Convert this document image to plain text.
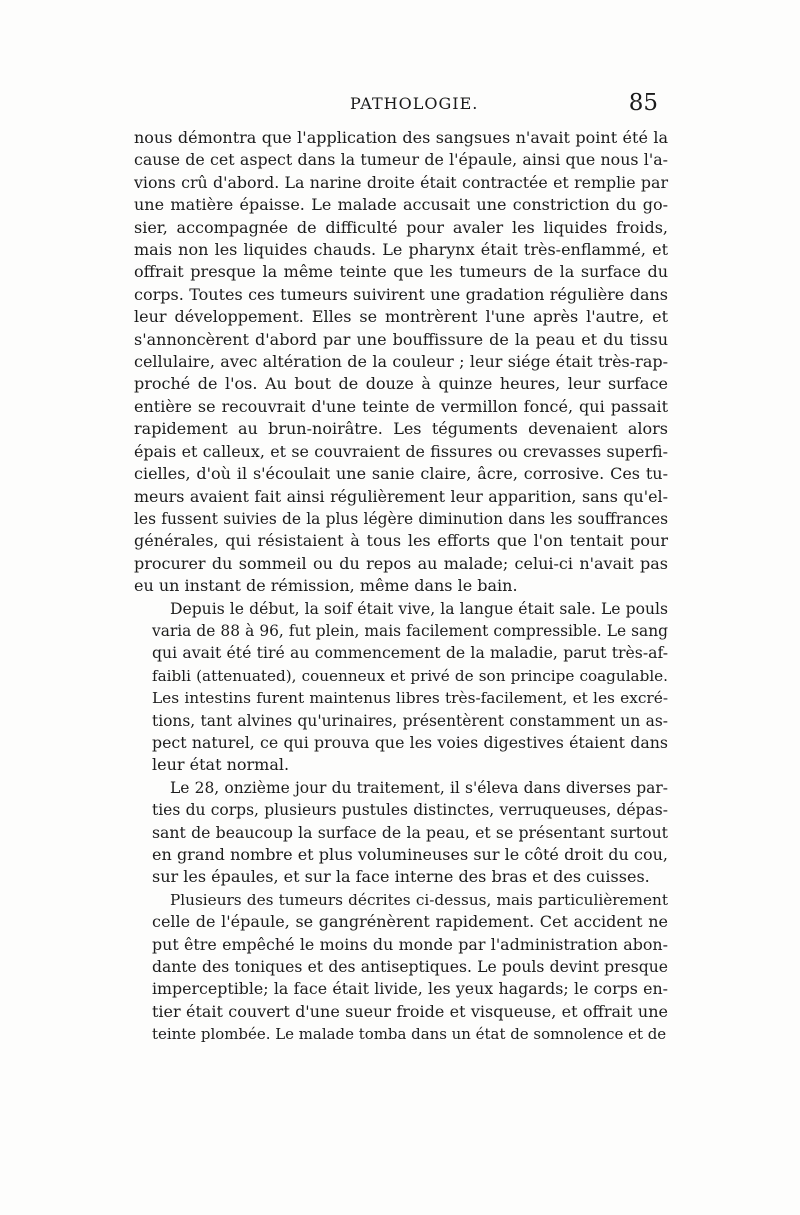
PATHOLOGIE.	85
nous démontra que l'application des sangsues n'avait point été la
cause de cet aspect dans la tumeur de l'épaule, ainsi que nous l'a-
vions crû d'abord. La narine droite était contractée et remplie par
une matière épaisse. Le malade accusait une constriction du go-
sier, accompagnée de difficulté pour avaler les liquides froids,
mais non les liquides chauds. Le pharynx était très-enflammé, et
offrait presque la même teinte que les tumeurs de la surface du
corps. Toutes ces tumeurs suivirent une gradation régulière dans
leur développement. Elles se montrèrent l'une après l'autre, et
s'annoncèrent d'abord par une bouffissure de la peau et du tissu
cellulaire, avec altération de la couleur ; leur siége était très-rap-
proché de l'os. Au bout de douze à quinze heures, leur surface
entière se recouvrait d'une teinte de vermillon foncé, qui passait
rapidement au brun-noirâtre. Les téguments devenaient alors
épais et calleux, et se couvraient de fissures ou crevasses superfi-
cielles, d'où il s'écoulait une sanie claire, âcre, corrosive. Ces tu-
meurs avaient fait ainsi régulièrement leur apparition, sans qu'el-
les fussent suivies de la plus légère diminution dans les souffrances
générales, qui résistaient à tous les efforts que l'on tentait pour
procurer du sommeil ou du repos au malade; celui-ci n'avait pas
eu un instant de rémission, même dans le bain.
Depuis le début, la soif était vive, la langue était sale. Le pouls
varia de 88 à 96, fut plein, mais facilement compressible. Le sang
qui avait été tiré au commencement de la maladie, parut très-af-
faibli (attenuated), couenneux et privé de son principe coagulable.
Les intestins furent maintenus libres très-facilement, et les excré-
tions, tant alvines qu'urinaires, présentèrent constamment un as-
pect naturel, ce qui prouva que les voies digestives étaient dans
leur état normal.
Le 28, onzième jour du traitement, il s'éleva dans diverses par-
ties du corps, plusieurs pustules distinctes, verruqueuses, dépas-
sant de beaucoup la surface de la peau, et se présentant surtout
en grand nombre et plus volumineuses sur le côté droit du cou,
sur les épaules, et sur la face interne des bras et des cuisses.
Plusieurs des tumeurs décrites ci-dessus, mais particulièrement
celle de l'épaule, se gangrénèrent rapidement. Cet accident ne
put être empêché le moins du monde par l'administration abon-
dante des toniques et des antiseptiques. Le pouls devint presque
imperceptible; la face était livide, les yeux hagards; le corps en-
tier était couvert d'une sueur froide et visqueuse, et offrait une
teinte plombée. Le malade tomba dans un état de somnolence et de
